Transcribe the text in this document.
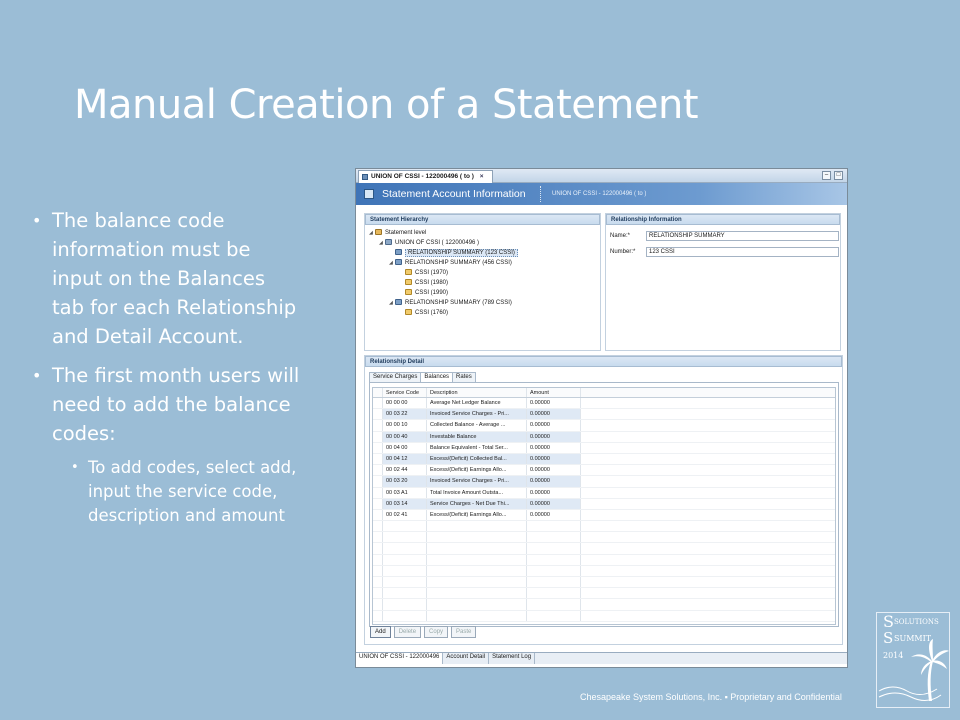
Manual Creation of a Statement
• The balance code information must be input on the Balances tab for each Relationship and Detail Account.
• The first month users will need to add the balance codes:
• To add codes, select add, input the service code, description and amount
UNION OF CSSI - 122000496 ( to ) ×	–	□
Statement Account Information	UNION OF CSSI - 122000496 ( to )
Statement Hierarchy
◢ Statement level
◢ UNION OF CSSI ( 122000496 )
RELATIONSHIP SUMMARY (123 CSSI)
◢ RELATIONSHIP SUMMARY (456 CSSI)
CSSI (1970)
CSSI (1980)
CSSI (1990)
◢ RELATIONSHIP SUMMARY (789 CSSI)
CSSI (1760)
Relationship Information
Name:*	RELATIONSHIP SUMMARY
Number:*	123 CSSI
Relationship Detail
Service Charges	Balances	Rates
Service Code	Description	Amount
00 00 00	Average Net Ledger Balance	0.00000
00 03 22	Invoiced Service Charges - Pri...	0.00000
00 00 10	Collected Balance - Average ...	0.00000
00 00 40	Investable Balance	0.00000
00 04 00	Balance Equivalent - Total Ser...	0.00000
00 04 12	Excess/(Deficit) Collected Bal...	0.00000
00 02 44	Excess/(Deficit) Earnings Allo...	0.00000
00 03 20	Invoiced Service Charges - Pri...	0.00000
00 03 A1	Total Invoice Amount Outsta...	0.00000
00 03 14	Service Charges - Net Due Thi...	0.00000
00 02 41	Excess/(Deficit) Earnings Allo...	0.00000
Add	Delete	Copy	Paste
UNION OF CSSI - 122000496	Account Detail	Statement Log
Chesapeake System Solutions, Inc. ▪ Proprietary and Confidential
S SOLUTIONS
S SUMMIT
2014
